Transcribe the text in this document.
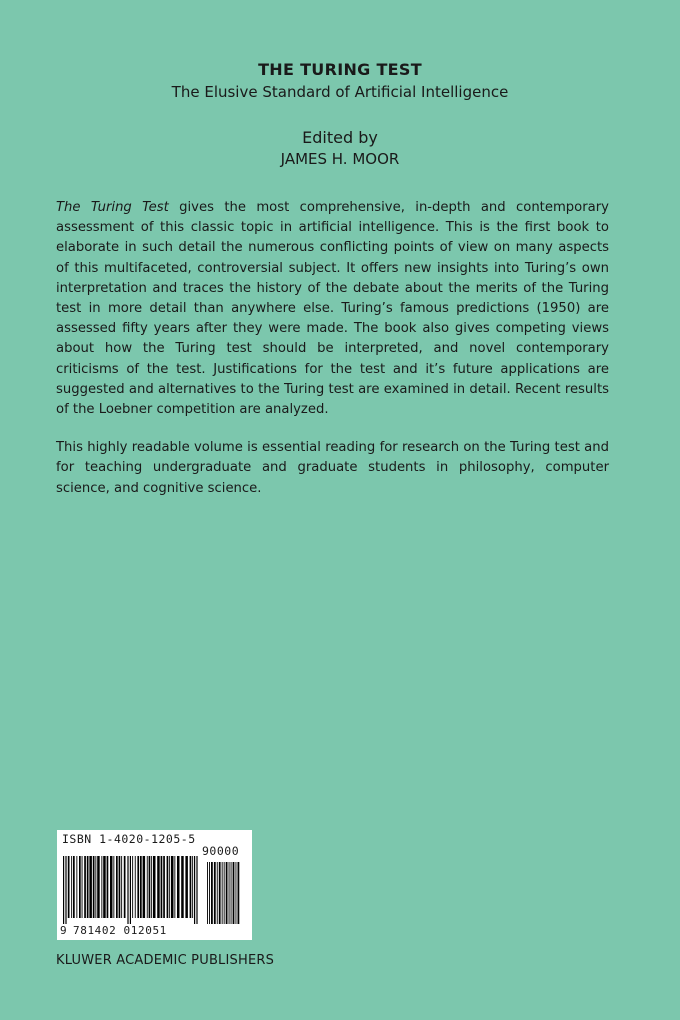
THE TURING TEST
The Elusive Standard of Artificial Intelligence
Edited by
JAMES H. MOOR

The Turing Test gives the most comprehensive, in-depth and contemporary assessment of this classic topic in artificial intelligence. This is the first book to elaborate in such detail the numerous conflicting points of view on many aspects of this multifaceted, controversial subject. It offers new insights into Turing’s own interpretation and traces the history of the debate about the merits of the Turing test in more detail than anywhere else. Turing’s famous predictions (1950) are assessed fifty years after they were made. The book also gives competing views about how the Turing test should be interpreted, and novel contemporary criticisms of the test. Justifications for the test and it’s future applications are suggested and alternatives to the Turing test are examined in detail. Recent results of the Loebner competition are analyzed.

This highly readable volume is essential reading for research on the Turing test and for teaching undergraduate and graduate students in philosophy, computer science, and cognitive science.

ISBN 1-4020-1205-5
90000
9 781402 012051
KLUWER ACADEMIC PUBLISHERS
